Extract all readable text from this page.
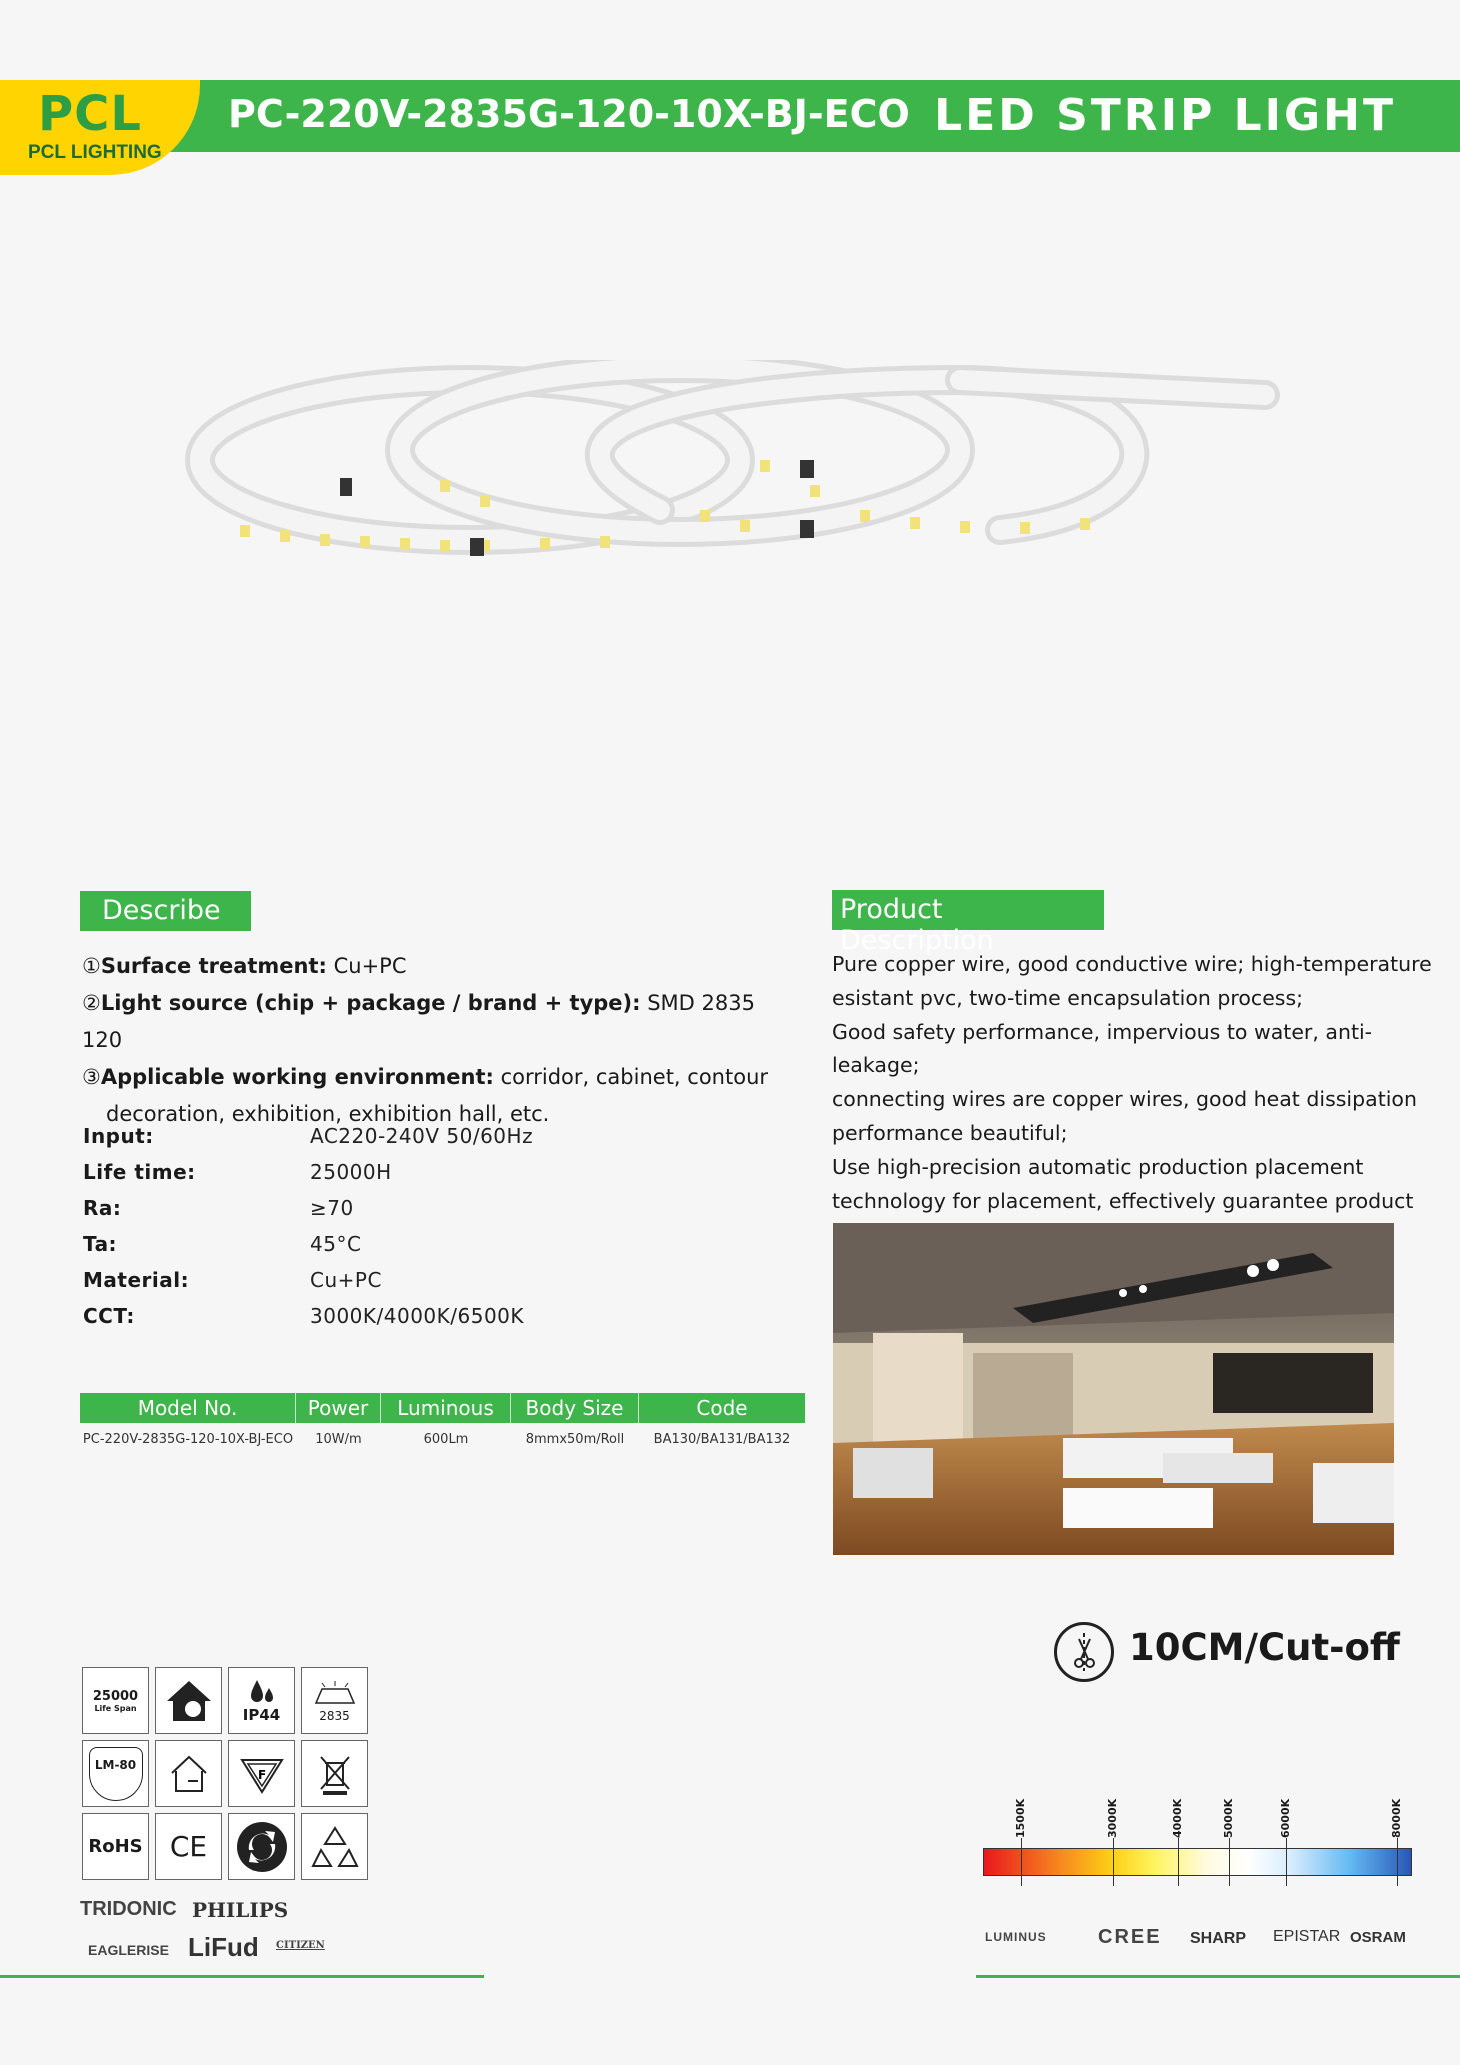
PCL
PCL LIGHTING
PC-220V-2835G-120-10X-BJ-ECO LED STRIP LIGHT
Describe
①Surface treatment: Cu+PC
②Light source (chip + package / brand + type): SMD 2835 120
③Applicable working environment: corridor, cabinet, contour
decoration, exhibition, exhibition hall, etc.
Input:	AC220-240V 50/60Hz
Life time:	25000H
Ra:	≥70
Ta:	45°C
Material:	Cu+PC
CCT:	3000K/4000K/6500K
Model No.	Power	Luminous	Body Size	Code
PC-220V-2835G-120-10X-BJ-ECO	10W/m	600Lm	8mmx50m/Roll	BA130/BA131/BA132
Product Description
Pure copper wire, good conductive wire; high-temperature
esistant pvc, two-time encapsulation process;
Good safety performance, impervious to water, anti-leakage;
connecting wires are copper wires, good heat dissipation
performance beautiful;
Use high-precision automatic production placement
technology for placement, effectively guarantee product
10CM/Cut-off
25000
Life Span	IP44	2835
LM-80
F
RoHS CE
TRIDONIC PHILIPS
EAGLERISE LiFud CITIZEN
1500K	3000K	4000K	5000K	6000K	8000K
LUMINUS	CREE SHARP EPISTAR OSRAM
